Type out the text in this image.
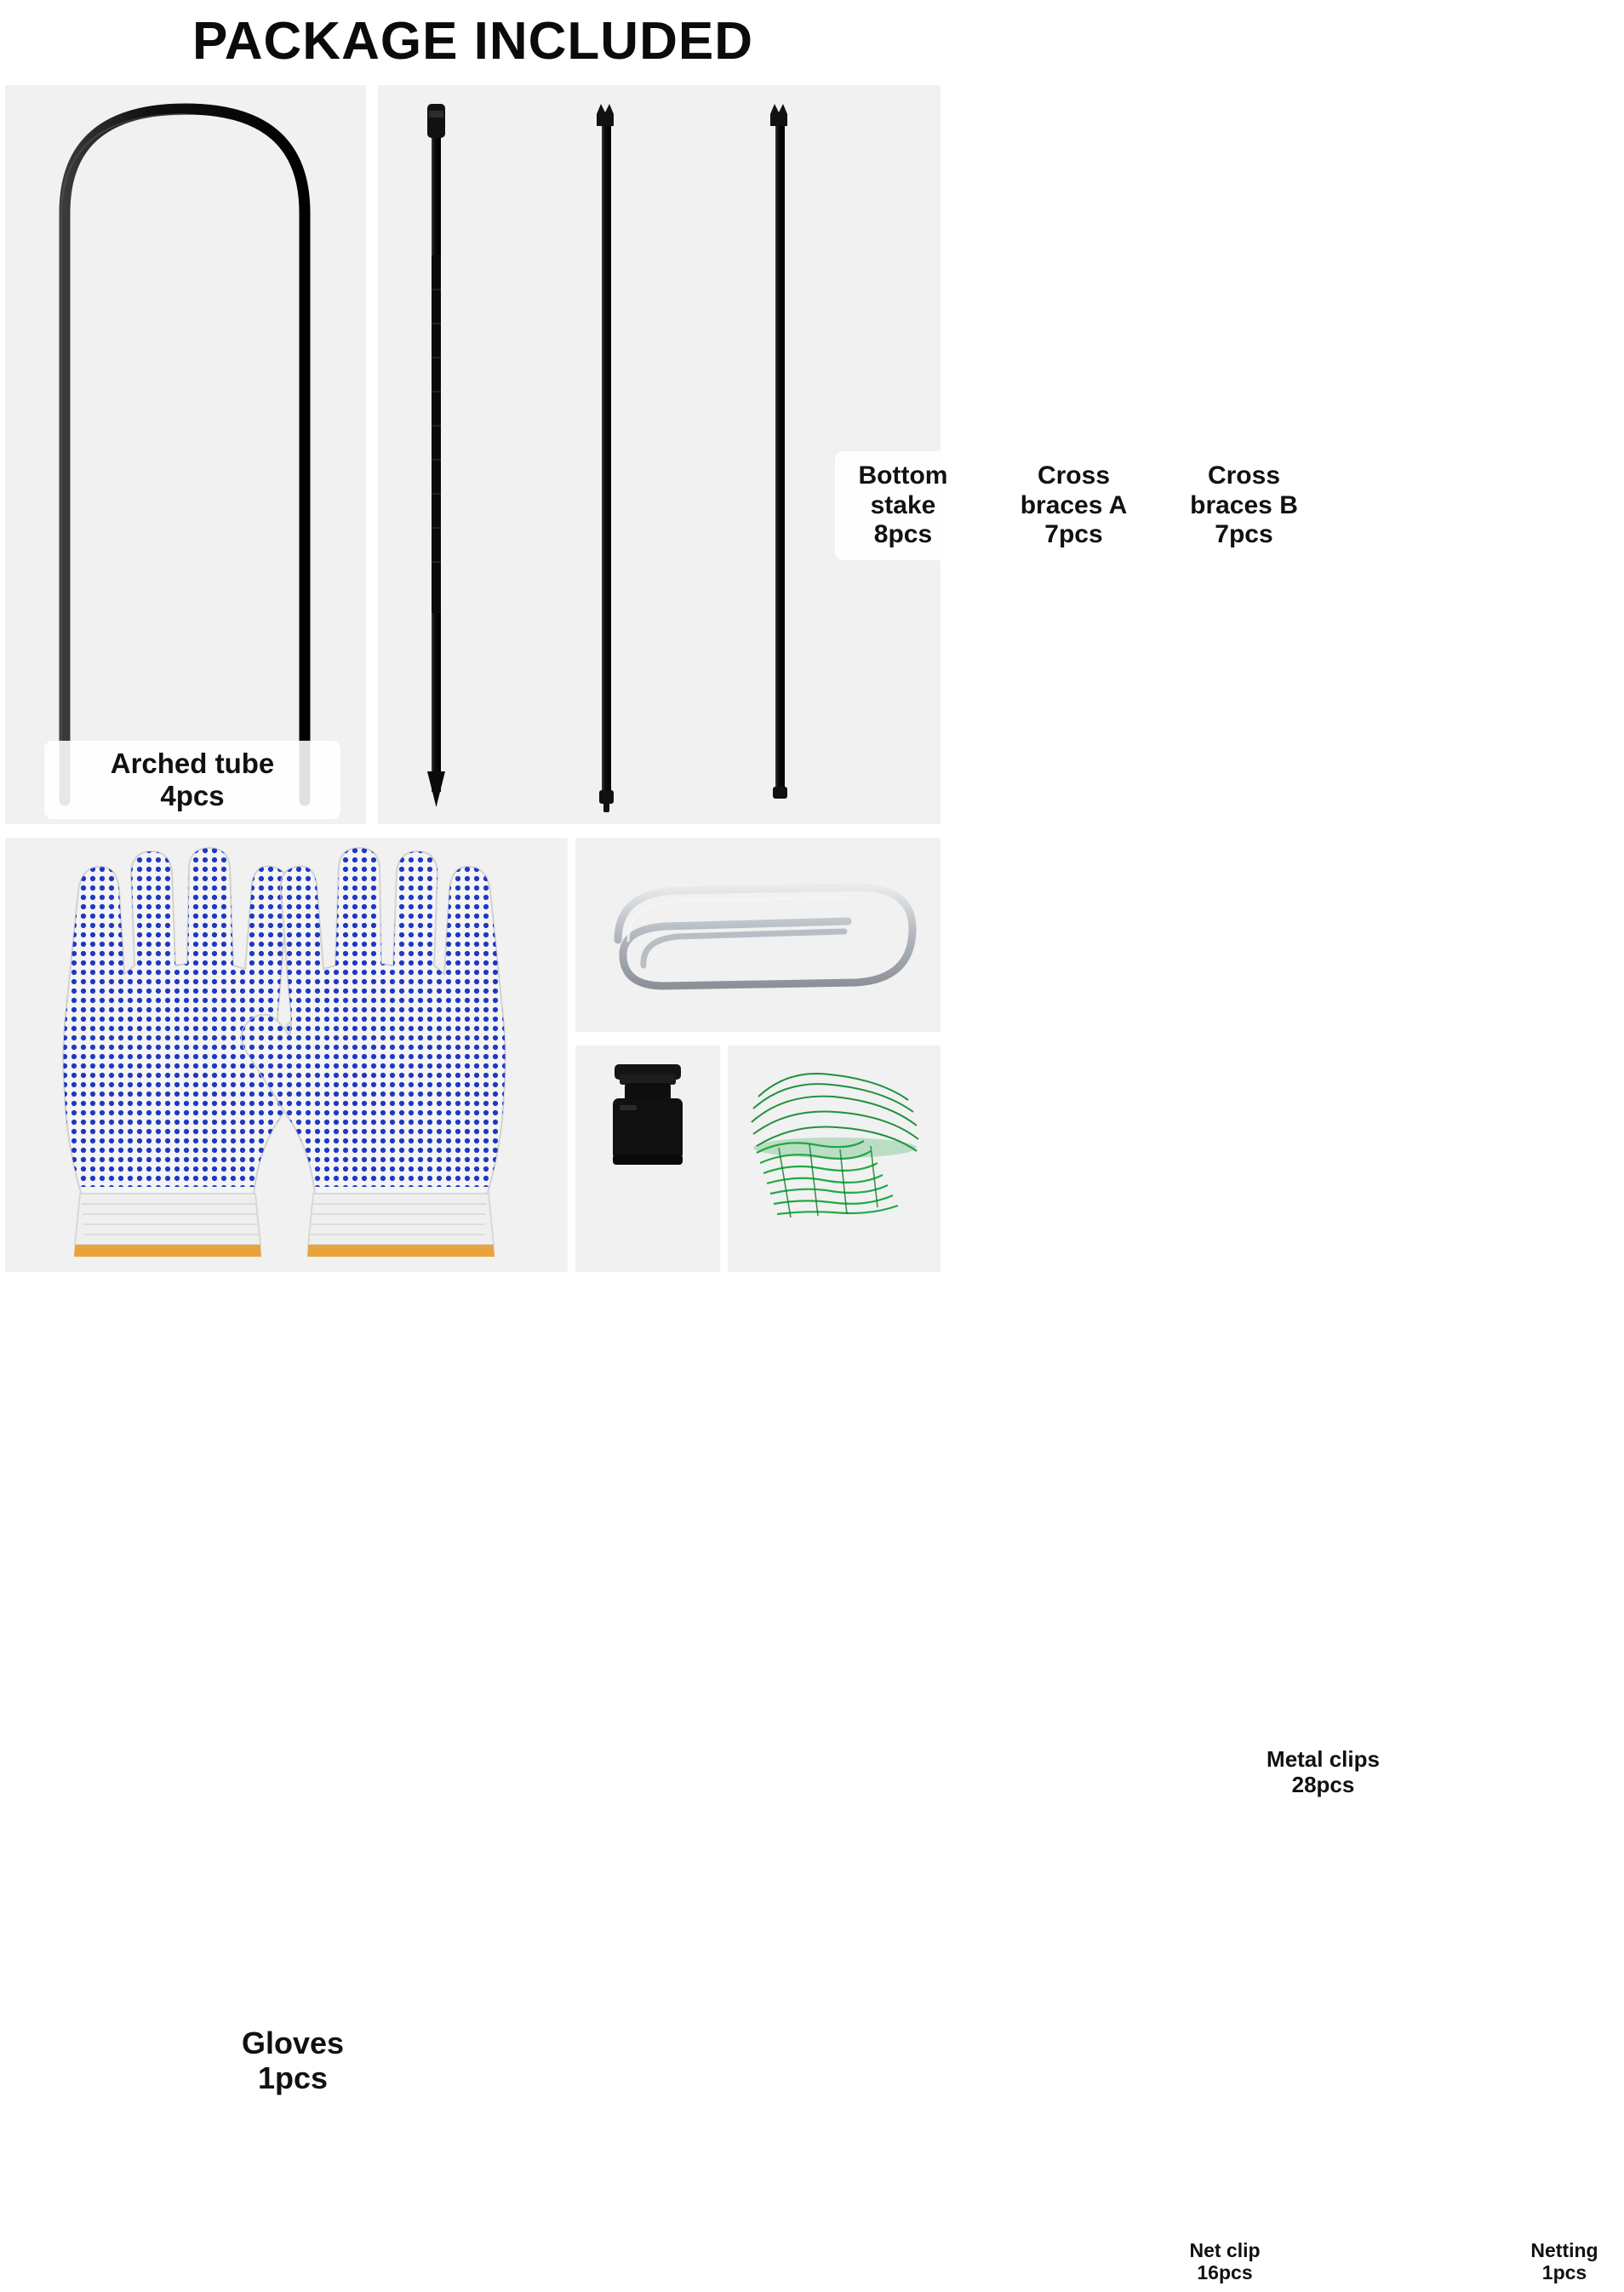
PACKAGE INCLUDED
Arched tube
4pcs
Bottom
stake
8pcs
Cross
braces A
7pcs
Cross
braces B
7pcs
Gloves
1pcs
Metal clips
28pcs
Net clip
16pcs
Netting
1pcs
